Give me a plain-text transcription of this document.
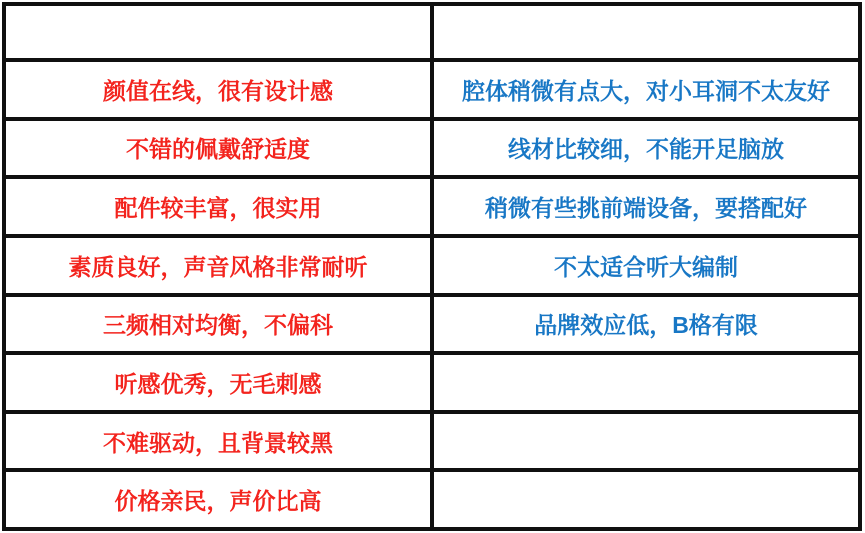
优点	缺点
颜值在线，很有设计感	腔体稍微有点大，对小耳洞不太友好
不错的佩戴舒适度	线材比较细，不能开足脑放
配件较丰富，很实用	稍微有些挑前端设备，要搭配好
素质良好，声音风格非常耐听	不太适合听大编制
三频相对均衡，不偏科	品牌效应低，B格有限
听感优秀，无毛刺感	
不难驱动，且背景较黑	
价格亲民，声价比高	
